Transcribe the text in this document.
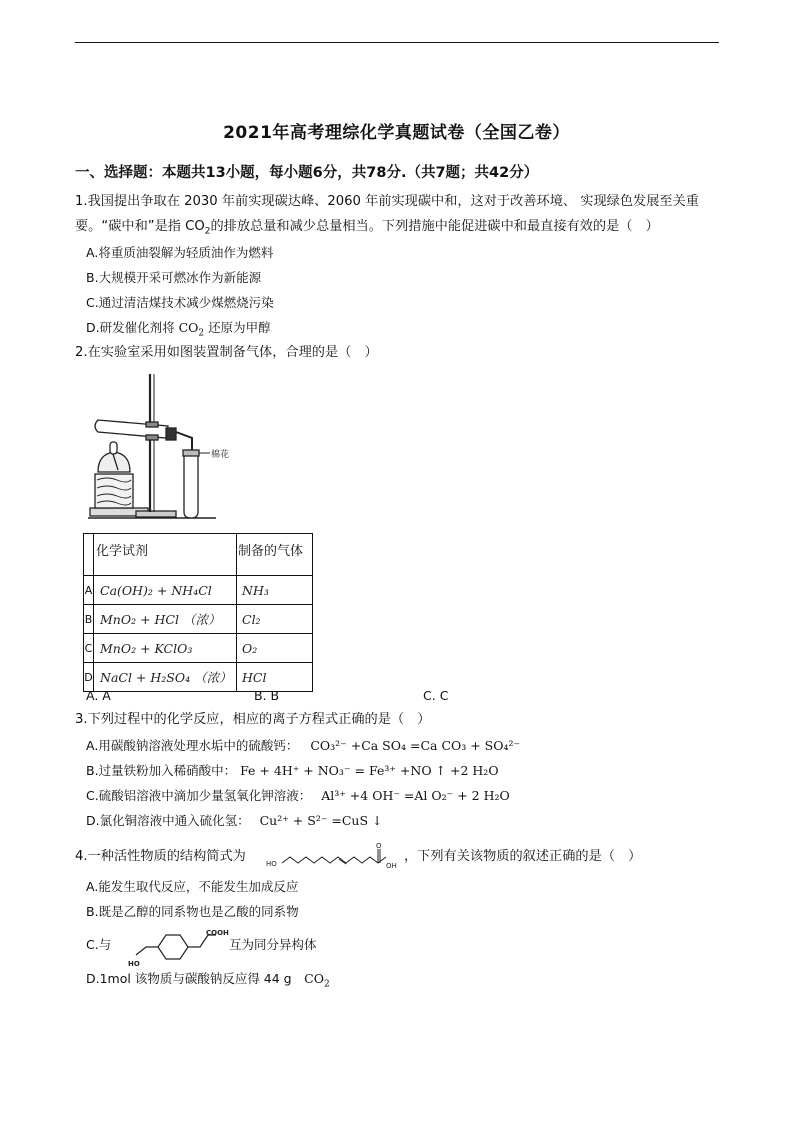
2021年高考理综化学真题试卷（全国乙卷）
一、选择题：本题共13小题，每小题6分，共78分.（共7题；共42分）
1.我国提出争取在 2030 年前实现碳达峰、2060 年前实现碳中和，这对于改善环境、 实现绿色发展至关重
要。“碳中和”是指 $CO_2$的排放总量和减少总量相当。下列措施中能促进碳中和最直接有效的是（　）
A.将重质油裂解为轻质油作为燃料
B.大规模开采可燃冰作为新能源
C.通过清洁煤技术减少煤燃烧污染
D.研发催化剂将 $CO_2$ 还原为甲醇
2.在实验室采用如图装置制备气体，合理的是（　）
棉花
	化学试剂	制备的气体
A	Ca(OH)₂ + NH₄Cl	NH₃
B	MnO₂ + HCl （浓）	Cl₂
C	MnO₂ + KClO₃	O₂
D	NaCl + H₂SO₄ （浓）	HCl
A. A	B. B	C. C
3.下列过程中的化学反应，相应的离子方程式正确的是（　）
A.用碳酸钠溶液处理水垢中的硫酸钙： CO₃²⁻ +Ca SO₄ =Ca CO₃ + SO₄²⁻
B.过量铁粉加入稀硝酸中： Fe + 4H⁺ + NO₃⁻ = Fe³⁺ +NO ↑ +2 H₂O
C.硫酸铝溶液中滴加少量氢氧化钾溶液： Al³⁺ +4 OH⁻ =Al O₂⁻ + 2 H₂O
D.氯化铜溶液中通入硫化氢： Cu²⁺ + S²⁻ =CuS ↓
4.一种活性物质的结构简式为	HO
O
OH
，下列有关该物质的叙述正确的是（　）
A.能发生取代反应，不能发生加成反应
B.既是乙醇的同系物也是乙酸的同系物
C.与
HO
COOH
互为同分异构体
D.1mol 该物质与碳酸钠反应得 44 g　$CO_2$
